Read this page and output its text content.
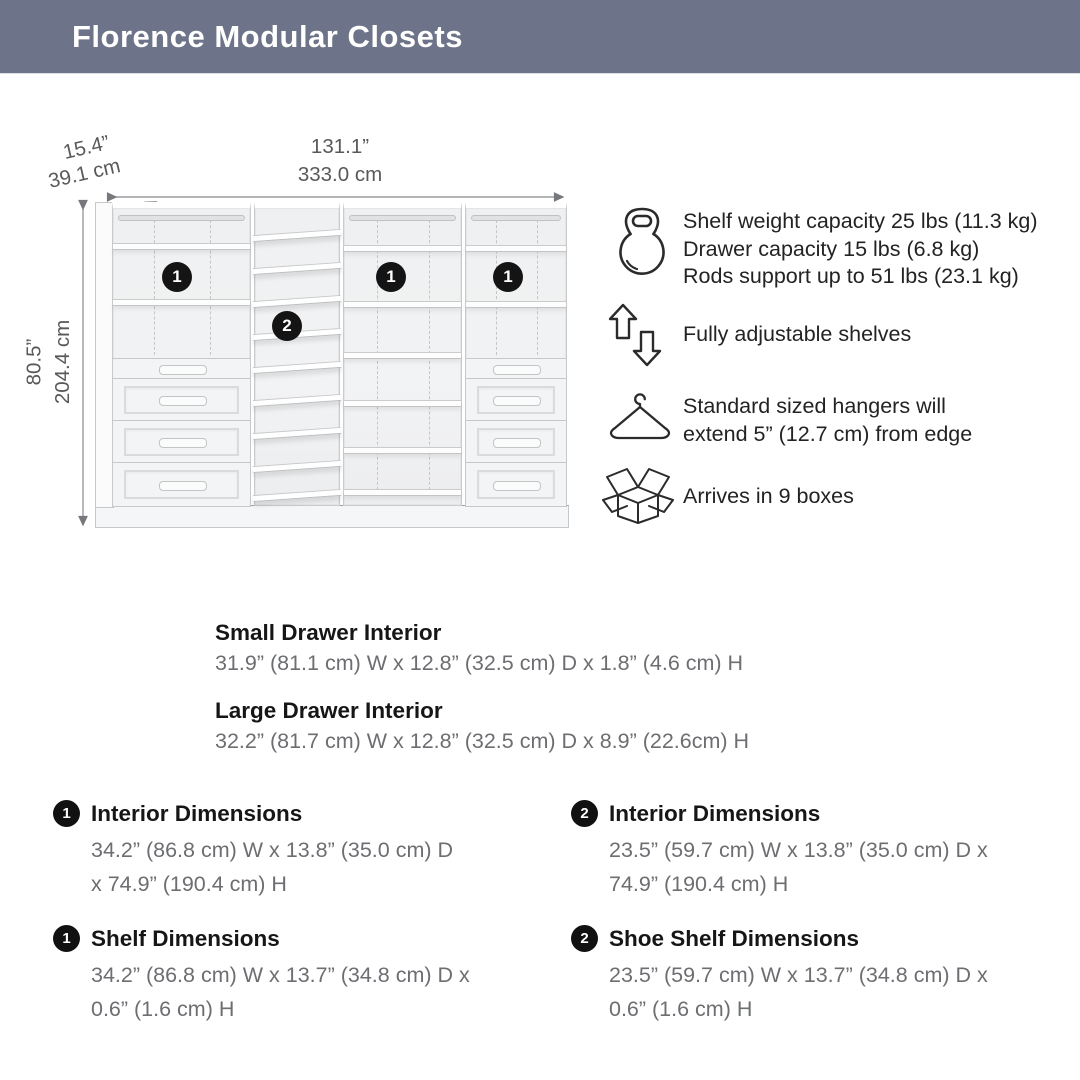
Florence Modular Closets
131.1”
333.0 cm
15.4”
39.1 cm
80.5” 204.4 cm
1
2
1	1
Shelf weight capacity 25 lbs (11.3 kg)
Drawer capacity 15 lbs (6.8 kg)
Rods support up to 51 lbs (23.1 kg)
Fully adjustable shelves
Standard sized hangers will
extend 5” (12.7 cm) from edge
Arrives in 9 boxes
Small Drawer Interior
31.9” (81.1 cm) W x 12.8” (32.5 cm) D x 1.8” (4.6 cm) H
Large Drawer Interior
32.2” (81.7 cm) W x 12.8” (32.5 cm) D x 8.9” (22.6cm) H
1 Interior Dimensions
34.2” (86.8 cm) W x 13.8” (35.0 cm) D
x 74.9” (190.4 cm) H
2 Interior Dimensions
23.5” (59.7 cm) W x 13.8” (35.0 cm) D x
74.9” (190.4 cm) H
1 Shelf Dimensions
34.2” (86.8 cm) W x 13.7” (34.8 cm) D x
0.6” (1.6 cm) H
2 Shoe Shelf Dimensions
23.5” (59.7 cm) W x 13.7” (34.8 cm) D x
0.6” (1.6 cm) H
